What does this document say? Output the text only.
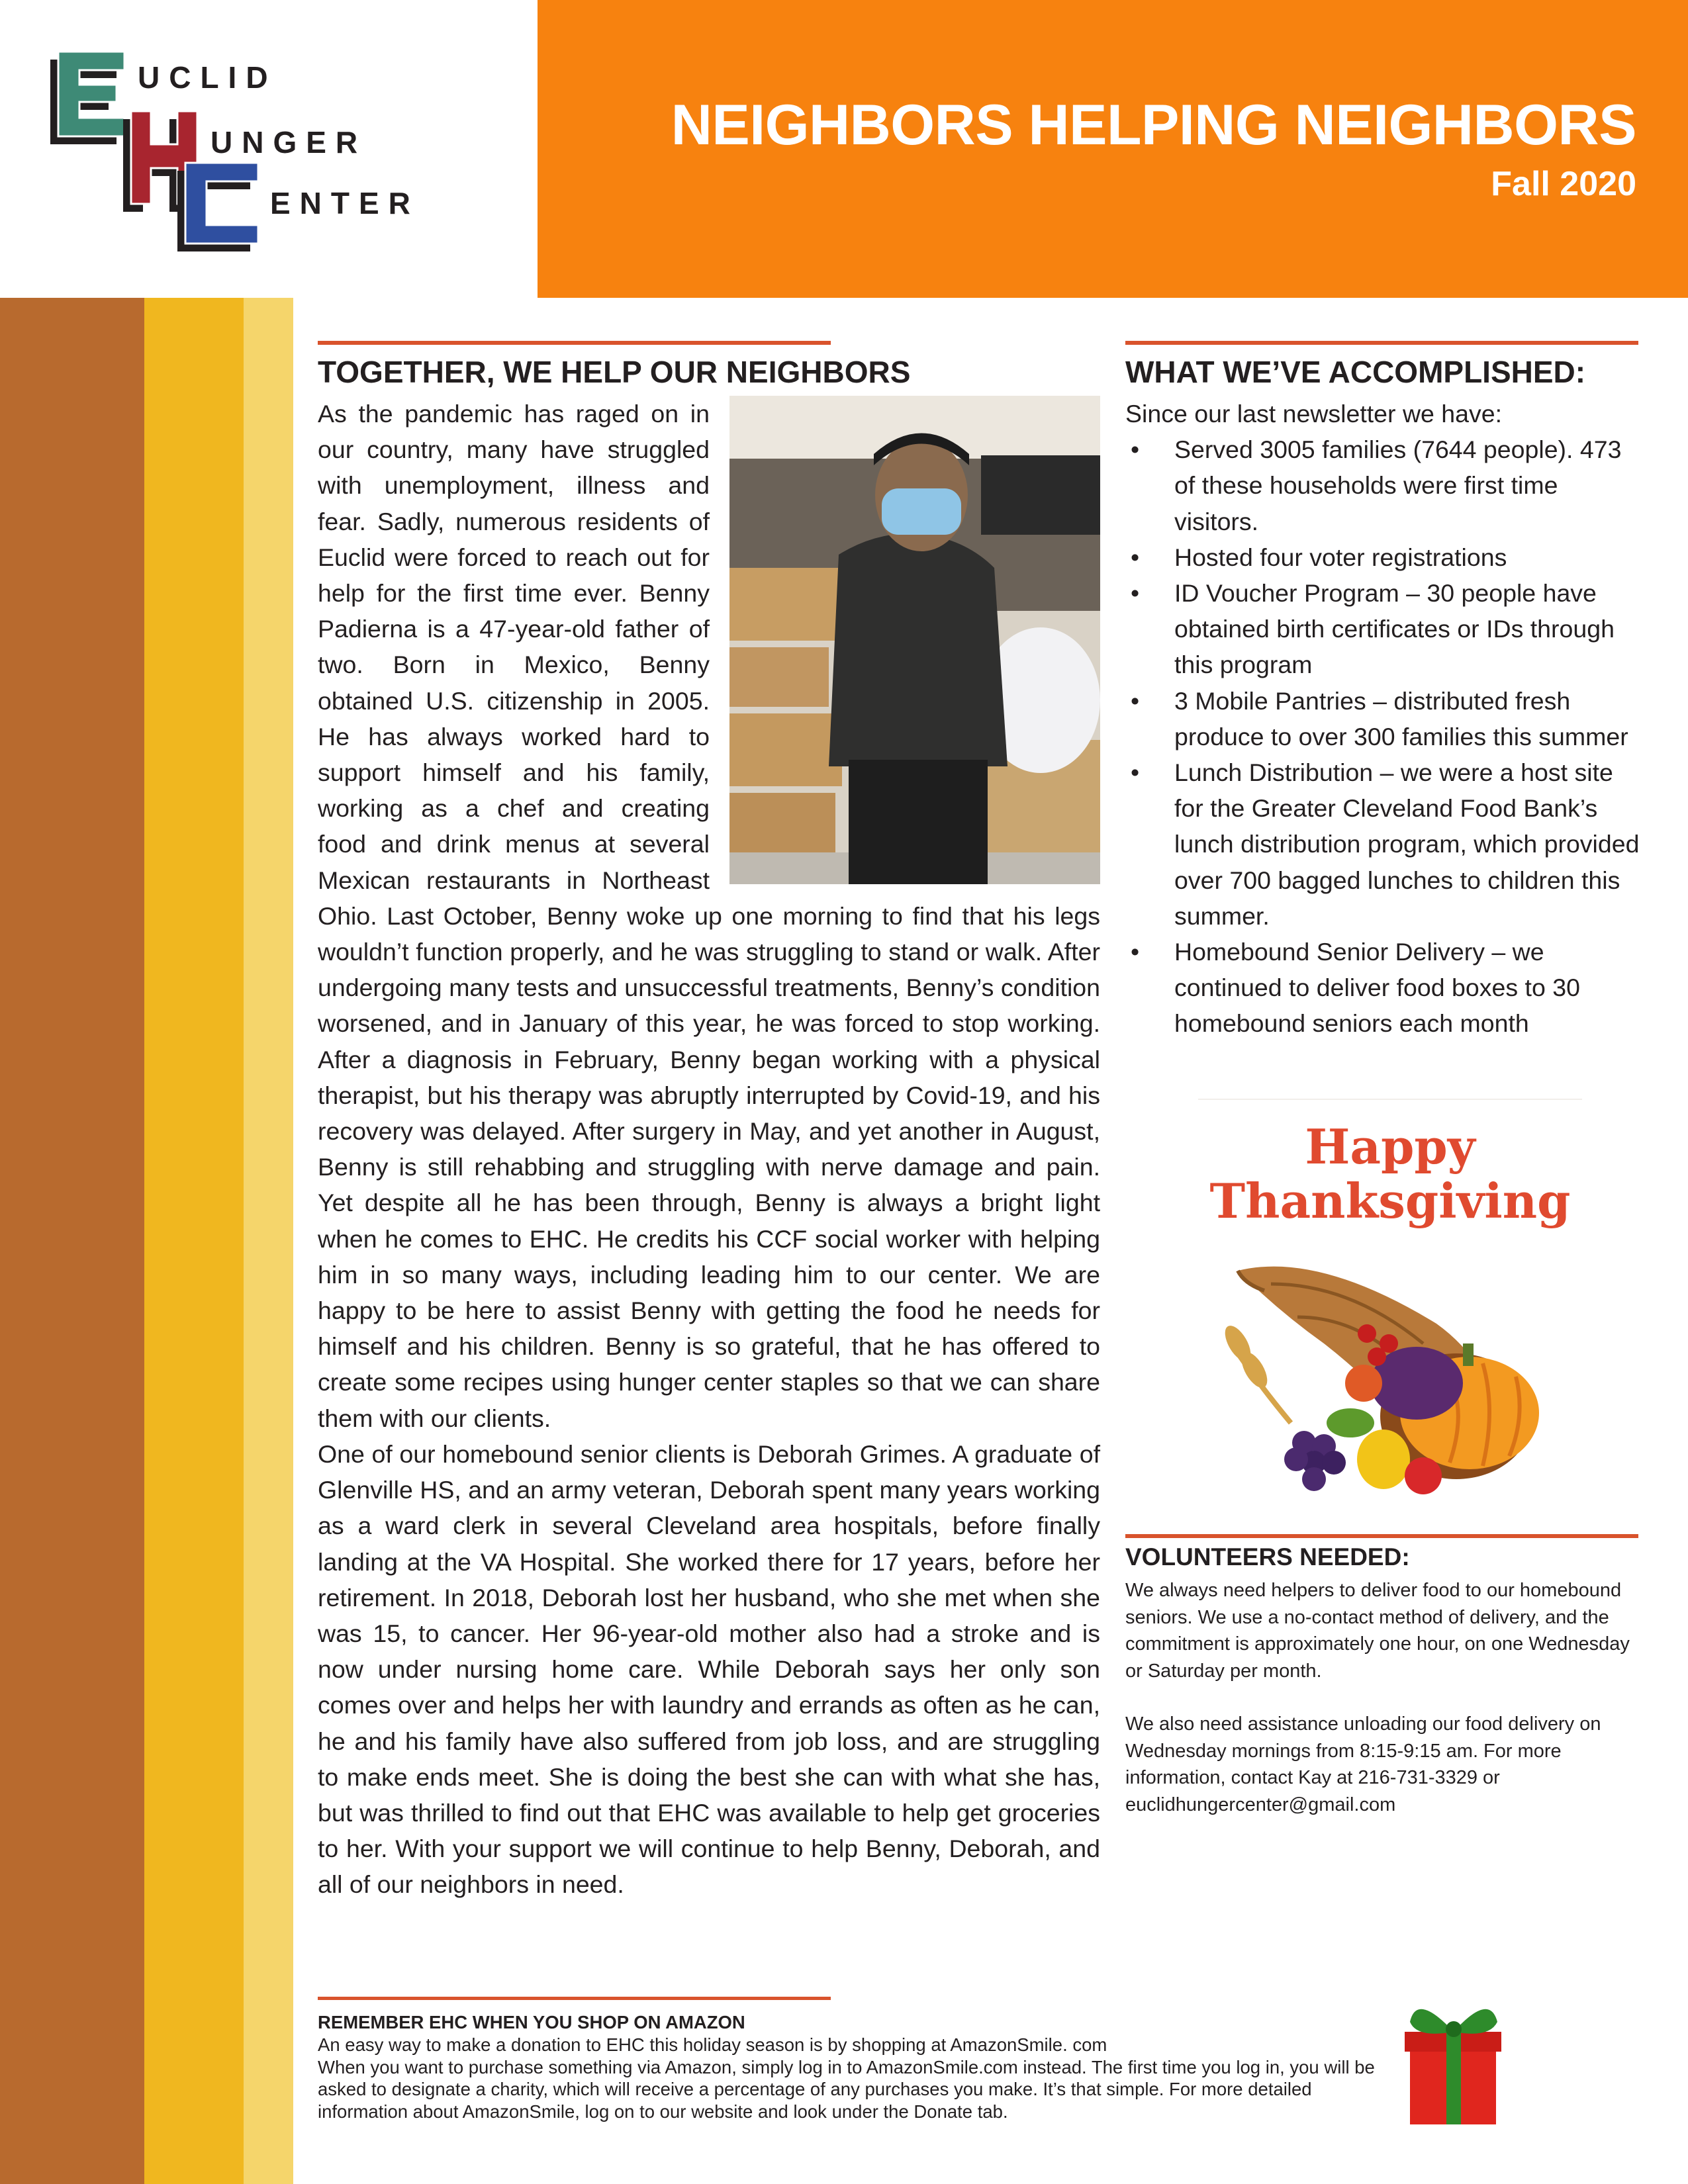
UCLID
UNGER
ENTER
NEIGHBORS HELPING NEIGHBORS
Fall 2020
TOGETHER, WE HELP OUR NEIGHBORS

As the pandemic has raged on in our country, many have struggled with unemployment, illness and fear. Sadly, numerous residents of Euclid were forced to reach out for help for the first time ever. Benny Padierna is a 47-year-old father of two. Born in Mexico, Benny obtained U.S. citizenship in 2005. He has always worked hard to support himself and his family, working as a chef and creating food and drink menus at several Mexican restaurants in Northeast Ohio. Last October, Benny woke up one morning to find that his legs wouldn’t function properly, and he was struggling to stand or walk. After undergoing many tests and unsuccessful treatments, Benny’s condition worsened, and in January of this year, he was forced to stop working. After a diagnosis in February, Benny began working with a physical therapist, but his therapy was abruptly interrupted by Covid-19, and his recovery was delayed. After surgery in May, and yet another in August, Benny is still rehabbing and struggling with nerve damage and pain. Yet despite all he has been through, Benny is always a bright light when he comes to EHC. He credits his CCF social worker with helping him in so many ways, including leading him to our center. We are happy to be here to assist Benny with getting the food he needs for himself and his children. Benny is so grateful, that he has offered to create some recipes using hunger center staples so that we can share them with our clients.

One of our homebound senior clients is Deborah Grimes. A graduate of Glenville HS, and an army veteran, Deborah spent many years working as a ward clerk in several Cleveland area hospitals, before finally landing at the VA Hospital. She worked there for 17 years, before her retirement. In 2018, Deborah lost her husband, who she met when she was 15, to cancer. Her 96-year-old mother also had a stroke and is now under nursing home care. While Deborah says her only son comes over and helps her with laundry and errands as often as he can, he and his family have also suffered from job loss, and are struggling to make ends meet. She is doing the best she can with what she has, but was thrilled to find out that EHC was available to help get groceries to her. With your support we will continue to help Benny, Deborah, and all of our neighbors in need.

WHAT WE’VE ACCOMPLISHED:
Since our last newsletter we have:
• Served 3005 families (7644 people). 473 of these households were first time visitors.
• Hosted four voter registrations
• ID Voucher Program – 30 people have obtained birth certificates or IDs through this program
• 3 Mobile Pantries – distributed fresh produce to over 300 families this summer
• Lunch Distribution – we were a host site for the Greater Cleveland Food Bank’s lunch distribution program, which provided over 700 bagged lunches to children this summer.
• Homebound Senior Delivery – we continued to deliver food boxes to 30 homebound seniors each month
Happy
Thanksgiving
VOLUNTEERS NEEDED:

We always need helpers to deliver food to our homebound seniors. We use a no-contact method of delivery, and the commitment is approximately one hour, on one Wednesday or Saturday per month.

We also need assistance unloading our food delivery on Wednesday mornings from 8:15-9:15 am. For more information, contact Kay at 216-731-3329 or euclidhungercenter@gmail.com

REMEMBER EHC WHEN YOU SHOP ON AMAZON

An easy way to make a donation to EHC this holiday season is by shopping at AmazonSmile. com

When you want to purchase something via Amazon, simply log in to AmazonSmile.com instead. The first time you log in, you will be asked to designate a charity, which will receive a percentage of any purchases you make. It’s that simple. For more detailed information about AmazonSmile, log on to our website and look under the Donate tab.
